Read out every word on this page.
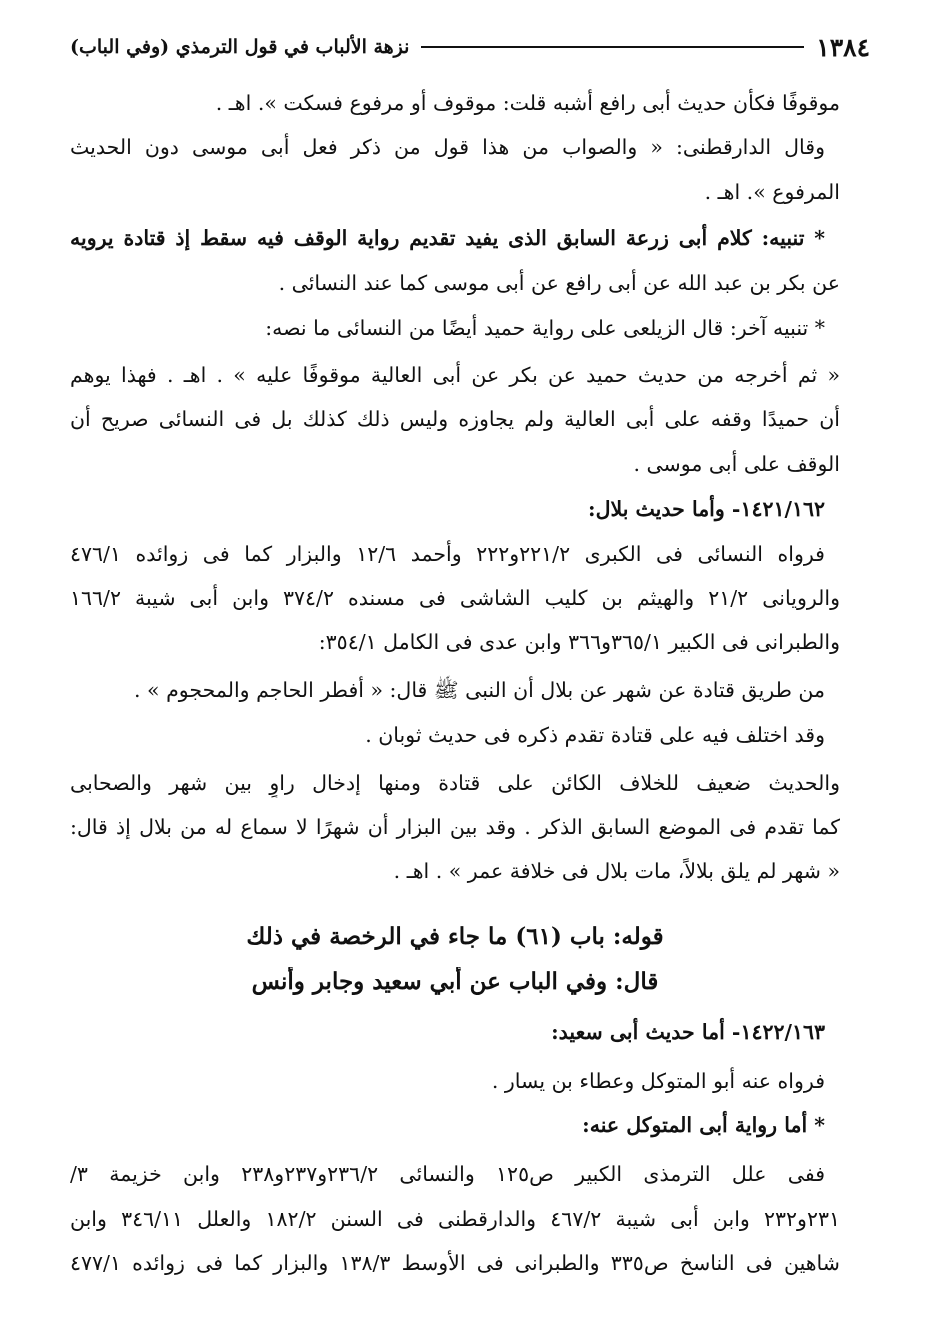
١٣٨٤
نزهة الألباب في قول الترمذي (وفي الباب)
موقوفًا فكأن حديث أبى رافع أشبه قلت: موقوف أو مرفوع فسكت ». اهـ .
وقال الدارقطنى: « والصواب من هذا قول من ذكر فعل أبى موسى دون الحديث
المرفوع ». اهـ .
* تنبيه: كلام أبى زرعة السابق الذى يفيد تقديم رواية الوقف فيه سقط إذ قتادة يرويه
عن بكر بن عبد الله عن أبى رافع عن أبى موسى كما عند النسائى .
* تنبيه آخر: قال الزيلعى على رواية حميد أيضًا من النسائى ما نصه:
« ثم أخرجه من حديث حميد عن بكر عن أبى العالية موقوفًا عليه » . اهـ . فهذا يوهم
أن حميدًا وقفه على أبى العالية ولم يجاوزه وليس ذلك كذلك بل فى النسائى صريح أن
الوقف على أبى موسى .
١٤٢١/١٦٢- وأما حديث بلال:
فرواه النسائى فى الكبرى ٢٢١/٢و٢٢٢ وأحمد ١٢/٦ والبزار كما فى زوائده ٤٧٦/١
والرويانى ٢١/٢ والهيثم بن كليب الشاشى فى مسنده ٣٧٤/٢ وابن أبى شيبة ١٦٦/٢
والطبرانى فى الكبير ٣٦٥/١و٣٦٦ وابن عدى فى الكامل ٣٥٤/١:
من طريق قتادة عن شهر عن بلال أن النبى ﷺ قال: « أفطر الحاجم والمحجوم » .
وقد اختلف فيه على قتادة تقدم ذكره فى حديث ثوبان .
والحديث ضعيف للخلاف الكائن على قتادة ومنها إدخال راوٍ بين شهر والصحابى
كما تقدم فى الموضع السابق الذكر . وقد بين البزار أن شهرًا لا سماع له من بلال إذ قال:
« شهر لم يلق بلالاً، مات بلال فى خلافة عمر » . اهـ .
قوله: باب (٦١) ما جاء في الرخصة في ذلك
قال: وفي الباب عن أبي سعيد وجابر وأنس
١٤٢٢/١٦٣- أما حديث أبى سعيد:
فرواه عنه أبو المتوكل وعطاء بن يسار .
* أما رواية أبى المتوكل عنه:
ففى علل الترمذى الكبير ص١٢٥ والنسائى ٢٣٦/٢و٢٣٧و٢٣٨ وابن خزيمة ٣/
٢٣١و٢٣٢ وابن أبى شيبة ٤٦٧/٢ والدارقطنى فى السنن ١٨٢/٢ والعلل ٣٤٦/١١ وابن
شاهين فى الناسخ ص٣٣٥ والطبرانى فى الأوسط ١٣٨/٣ والبزار كما فى زوائده ٤٧٧/١
